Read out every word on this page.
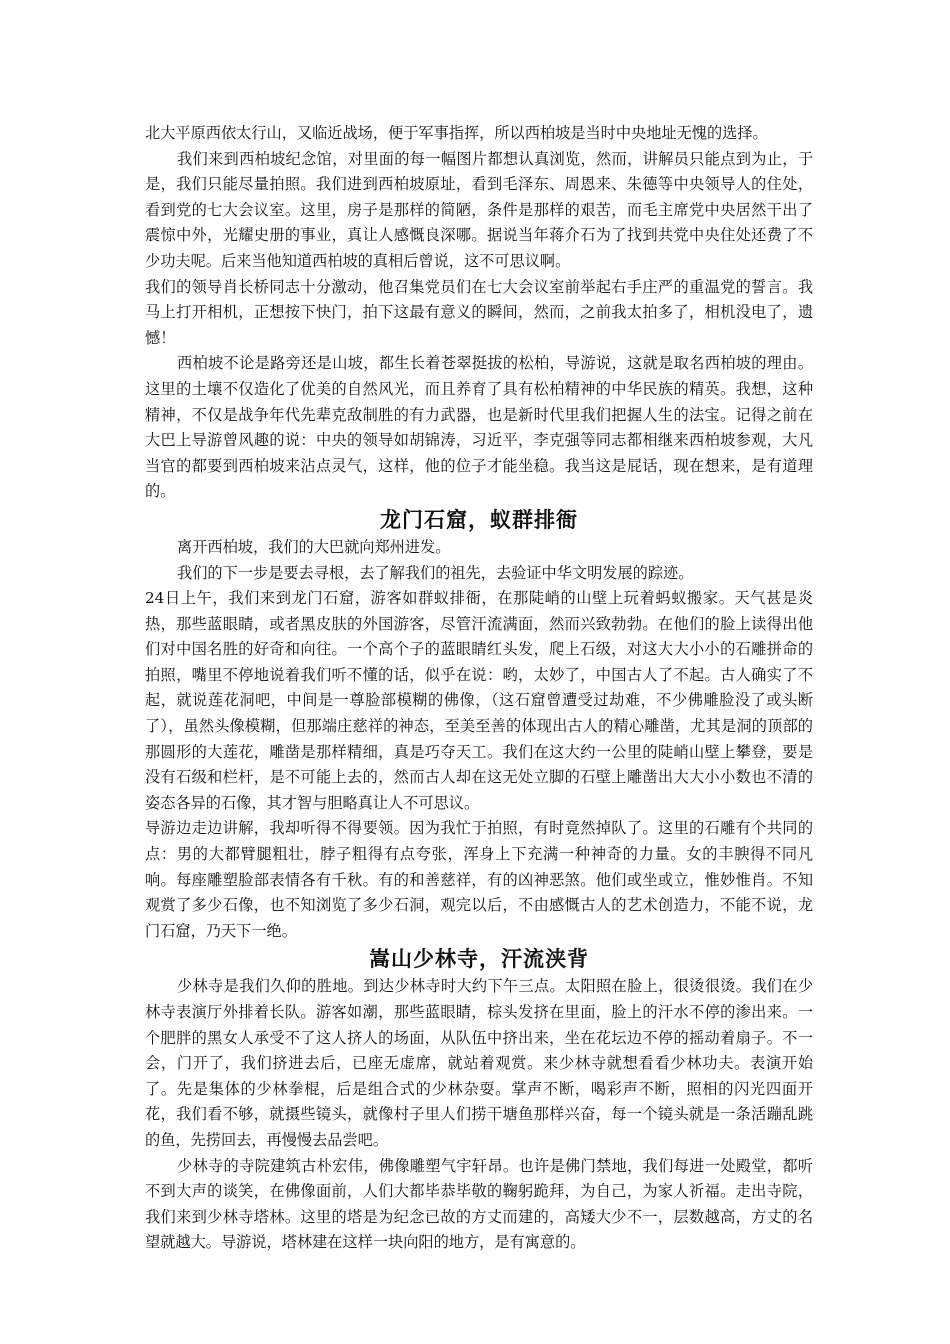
北大平原西依太行山，又临近战场，便于军事指挥，所以西柏坡是当时中央地址无愧的选择。

我们来到西柏坡纪念馆，对里面的每一幅图片都想认真浏览，然而，讲解员只能点到为止，于是，我们只能尽量拍照。我们进到西柏坡原址，看到毛泽东、周恩来、朱德等中央领导人的住处，看到党的七大会议室。这里，房子是那样的简陋，条件是那样的艰苦，而毛主席党中央居然干出了震惊中外，光耀史册的事业，真让人感慨良深哪。据说当年蒋介石为了找到共党中央住处还费了不少功夫呢。后来当他知道西柏坡的真相后曾说，这不可思议啊。

我们的领导肖长桥同志十分激动，他召集党员们在七大会议室前举起右手庄严的重温党的誓言。我马上打开相机，正想按下快门，拍下这最有意义的瞬间，然而，之前我太拍多了，相机没电了，遗憾！

西柏坡不论是路旁还是山坡，都生长着苍翠挺拔的松柏，导游说，这就是取名西柏坡的理由。这里的土壤不仅造化了优美的自然风光，而且养育了具有松柏精神的中华民族的精英。我想，这种精神，不仅是战争年代先辈克敌制胜的有力武器，也是新时代里我们把握人生的法宝。记得之前在大巴上导游曾风趣的说：中央的领导如胡锦涛，习近平，李克强等同志都相继来西柏坡参观，大凡当官的都要到西柏坡来沾点灵气，这样，他的位子才能坐稳。我当这是屁话，现在想来，是有道理的。

龙门石窟，蚁群排衙

离开西柏坡，我们的大巴就向郑州进发。

我们的下一步是要去寻根，去了解我们的祖先，去验证中华文明发展的踪迹。

24日上午，我们来到龙门石窟，游客如群蚁排衙，在那陡峭的山壁上玩着蚂蚁搬家。天气甚是炎热，那些蓝眼睛，或者黑皮肤的外国游客，尽管汗流满面，然而兴致勃勃。在他们的脸上读得出他们对中国名胜的好奇和向往。一个高个子的蓝眼睛红头发，爬上石级，对这大大小小的石雕拼命的拍照，嘴里不停地说着我们听不懂的话，似乎在说：哟，太妙了，中国古人了不起。古人确实了不起，就说莲花洞吧，中间是一尊脸部模糊的佛像，（这石窟曾遭受过劫难，不少佛雕脸没了或头断了），虽然头像模糊，但那端庄慈祥的神态，至美至善的体现出古人的精心雕凿，尤其是洞的顶部的那圆形的大莲花，雕凿是那样精细，真是巧夺天工。我们在这大约一公里的陡峭山壁上攀登，要是没有石级和栏杆，是不可能上去的，然而古人却在这无处立脚的石壁上雕凿出大大小小数也不清的姿态各异的石像，其才智与胆略真让人不可思议。

导游边走边讲解，我却听得不得要领。因为我忙于拍照，有时竟然掉队了。这里的石雕有个共同的点：男的大都臂腿粗壮，脖子粗得有点夸张，浑身上下充满一种神奇的力量。女的丰腴得不同凡响。每座雕塑脸部表情各有千秋。有的和善慈祥，有的凶神恶煞。他们或坐或立，惟妙惟肖。不知观赏了多少石像，也不知浏览了多少石洞，观完以后，不由感慨古人的艺术创造力，不能不说，龙门石窟，乃天下一绝。

嵩山少林寺，汗流浃背

少林寺是我们久仰的胜地。到达少林寺时大约下午三点。太阳照在脸上，很烫很烫。我们在少林寺表演厅外排着长队。游客如潮，那些蓝眼睛，棕头发挤在里面，脸上的汗水不停的渗出来。一个肥胖的黑女人承受不了这人挤人的场面，从队伍中挤出来，坐在花坛边不停的摇动着扇子。不一会，门开了，我们挤进去后，已座无虚席，就站着观赏。来少林寺就想看看少林功夫。表演开始了。先是集体的少林拳棍，后是组合式的少林杂耍。掌声不断，喝彩声不断，照相的闪光四面开花，我们看不够，就摄些镜头，就像村子里人们捞干塘鱼那样兴奋，每一个镜头就是一条活蹦乱跳的鱼，先捞回去，再慢慢去品尝吧。

少林寺的寺院建筑古朴宏伟，佛像雕塑气宇轩昂。也许是佛门禁地，我们每进一处殿堂，都听不到大声的谈笑，在佛像面前，人们大都毕恭毕敬的鞠躬跪拜，为自己，为家人祈福。走出寺院，我们来到少林寺塔林。这里的塔是为纪念已故的方丈而建的，高矮大少不一，层数越高，方丈的名望就越大。导游说，塔林建在这样一块向阳的地方，是有寓意的。
